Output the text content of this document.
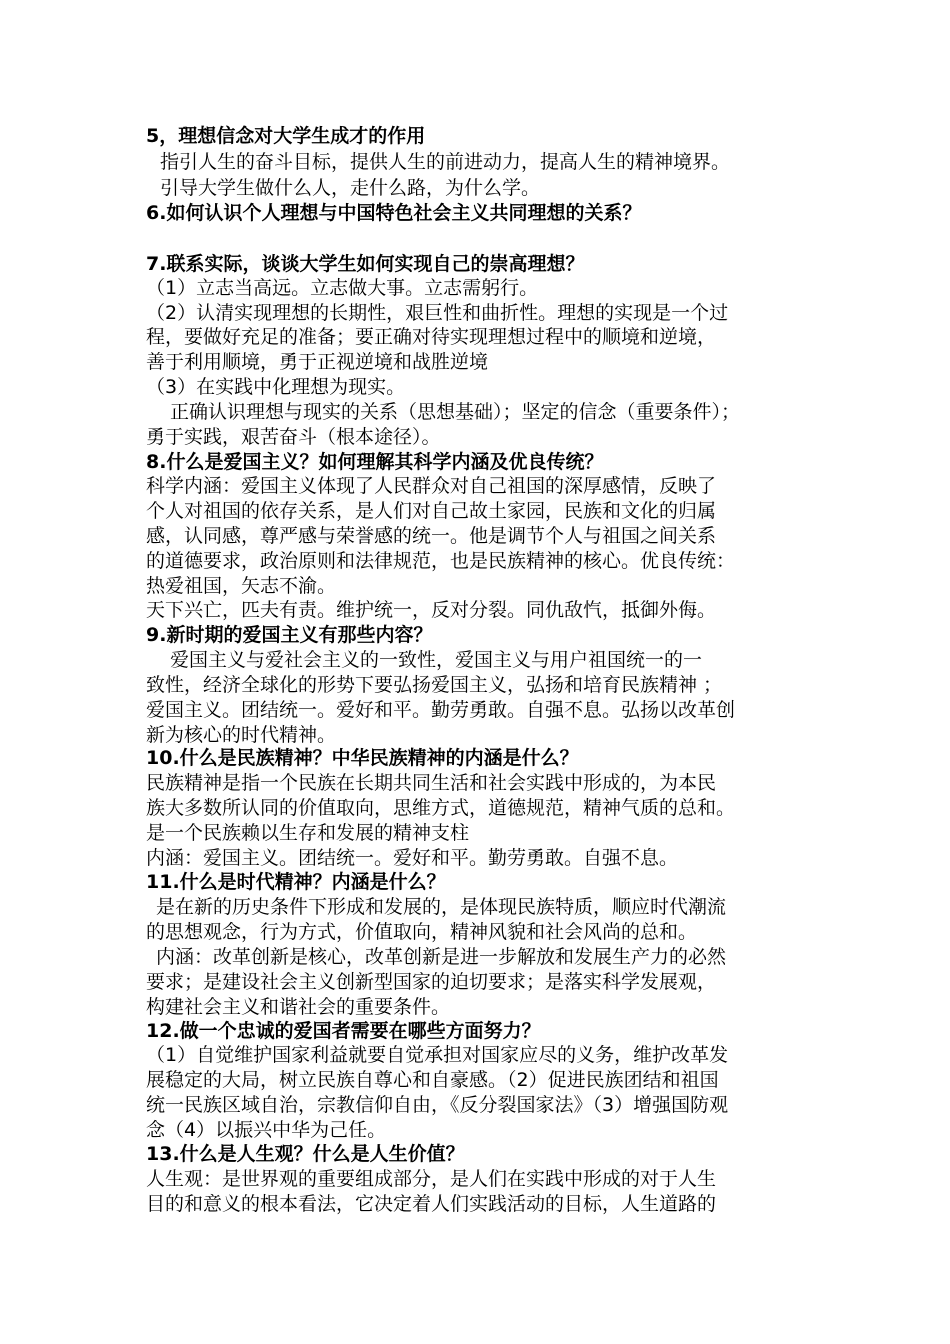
5，理想信念对大学生成才的作用
指引人生的奋斗目标，提供人生的前进动力，提高人生的精神境界。
引导大学生做什么人，走什么路，为什么学。
6.如何认识个人理想与中国特色社会主义共同理想的关系？
7.联系实际，谈谈大学生如何实现自己的崇高理想？
（1）立志当高远。立志做大事。立志需躬行。
（2）认清实现理想的长期性，艰巨性和曲折性。理想的实现是一个过
程，要做好充足的准备；要正确对待实现理想过程中的顺境和逆境，
善于利用顺境，勇于正视逆境和战胜逆境
（3）在实践中化理想为现实。
正确认识理想与现实的关系（思想基础）；坚定的信念（重要条件）；
勇于实践，艰苦奋斗（根本途径）。
8.什么是爱国主义？如何理解其科学内涵及优良传统？
科学内涵：爱国主义体现了人民群众对自己祖国的深厚感情，反映了
个人对祖国的依存关系，是人们对自己故土家园，民族和文化的归属
感，认同感，尊严感与荣誉感的统一。他是调节个人与祖国之间关系
的道德要求，政治原则和法律规范，也是民族精神的核心。优良传统：
热爱祖国，矢志不渝。
天下兴亡，匹夫有责。维护统一，反对分裂。同仇敌忾，抵御外侮。
9.新时期的爱国主义有那些内容？
爱国主义与爱社会主义的一致性，爱国主义与用户祖国统一的一
致性，经济全球化的形势下要弘扬爱国主义，弘扬和培育民族精神 ；
爱国主义。团结统一。爱好和平。勤劳勇敢。自强不息。弘扬以改革创
新为核心的时代精神。
10.什么是民族精神？中华民族精神的内涵是什么？
民族精神是指一个民族在长期共同生活和社会实践中形成的，为本民
族大多数所认同的价值取向，思维方式，道德规范，精神气质的总和。
是一个民族赖以生存和发展的精神支柱
内涵：爱国主义。团结统一。爱好和平。勤劳勇敢。自强不息。
11.什么是时代精神？内涵是什么？
是在新的历史条件下形成和发展的，是体现民族特质，顺应时代潮流
的思想观念，行为方式，价值取向，精神风貌和社会风尚的总和。
内涵：改革创新是核心，改革创新是进一步解放和发展生产力的必然
要求；是建设社会主义创新型国家的迫切要求；是落实科学发展观，
构建社会主义和谐社会的重要条件。
12.做一个忠诚的爱国者需要在哪些方面努力？
（1）自觉维护国家利益就要自觉承担对国家应尽的义务，维护改革发
展稳定的大局，树立民族自尊心和自豪感。（2）促进民族团结和祖国
统一民族区域自治，宗教信仰自由，《反分裂国家法》（3）增强国防观
念（4）以振兴中华为己任。
13.什么是人生观？什么是人生价值？
人生观：是世界观的重要组成部分，是人们在实践中形成的对于人生
目的和意义的根本看法，它决定着人们实践活动的目标，人生道路的
